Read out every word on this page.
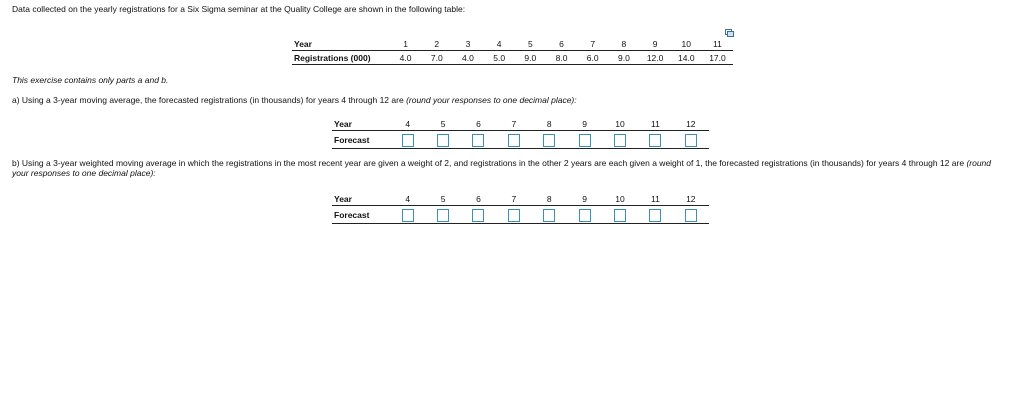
Data collected on the yearly registrations for a Six Sigma seminar at the Quality College are shown in the following table:
Year	1	2	3	4	5	6	7	8	9	10	11
Registrations (000)	4.0	7.0	4.0	5.0	9.0	8.0	6.0	9.0	12.0	14.0	17.0
This exercise contains only parts a and b.
a) Using a 3-year moving average, the forecasted registrations (in thousands) for years 4 through 12 are (round your responses to one decimal place):
Year	4	5	6	7	8	9	10	11	12
Forecast									
b) Using a 3-year weighted moving average in which the registrations in the most recent year are given a weight of 2, and registrations in the other 2 years are each given a weight of 1, the forecasted registrations (in thousands) for years 4 through 12 are (round your responses to one decimal place):
Year	4	5	6	7	8	9	10	11	12
Forecast									
